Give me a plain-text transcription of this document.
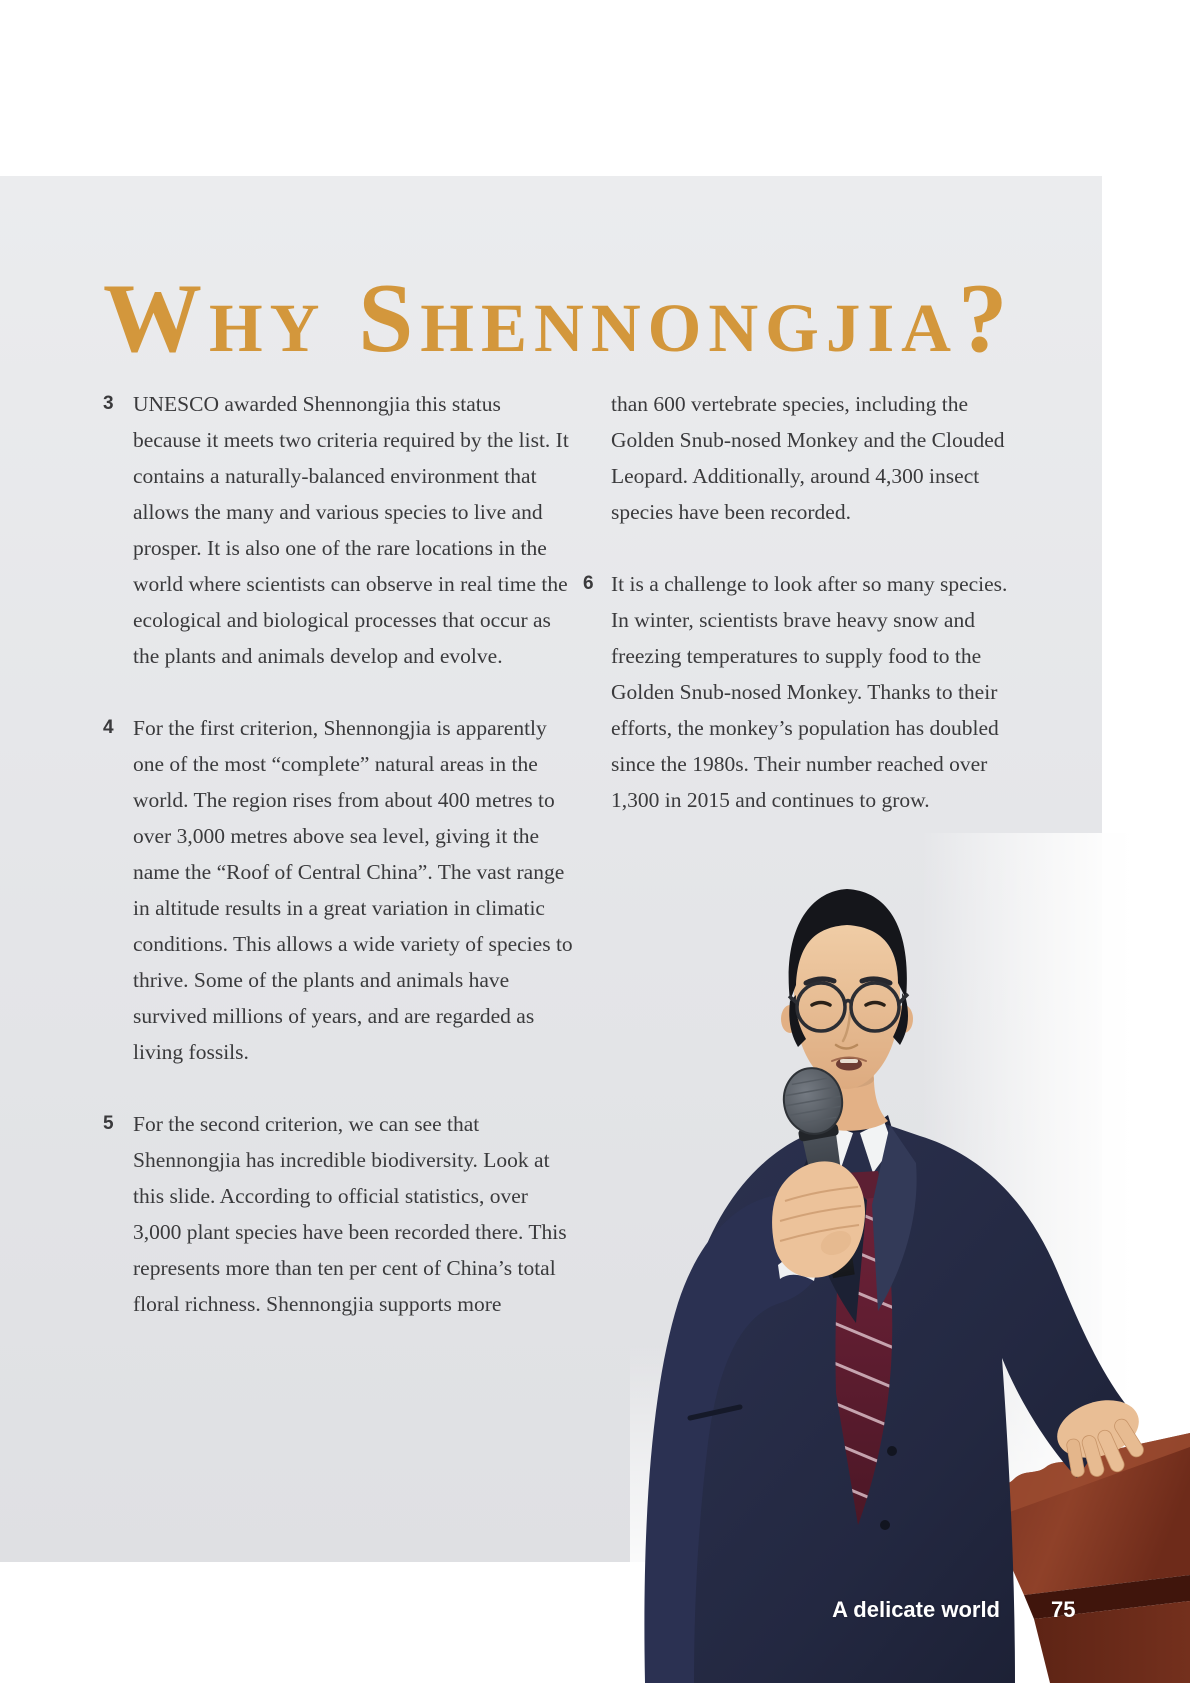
Why Shennongjia?
3 UNESCO awarded Shennongjia this status because it meets two criteria required by the list. It contains a naturally-balanced environment that allows the many and various species to live and prosper. It is also one of the rare locations in the world where scientists can observe in real time the ecological and biological processes that occur as the plants and animals develop and evolve.
4 For the first criterion, Shennongjia is apparently one of the most “complete” natural areas in the world. The region rises from about 400 metres to over 3,000 metres above sea level, giving it the name the “Roof of Central China”. The vast range in altitude results in a great variation in climatic conditions. This allows a wide variety of species to thrive. Some of the plants and animals have survived millions of years, and are regarded as living fossils.
5 For the second criterion, we can see that Shennongjia has incredible biodiversity. Look at this slide. According to official statistics, over 3,000 plant species have been recorded there. This represents more than ten per cent of China’s total floral richness. Shennongjia supports more
than 600 vertebrate species, including the Golden Snub-nosed Monkey and the Clouded Leopard. Additionally, around 4,300 insect species have been recorded.
6 It is a challenge to look after so many species. In winter, scientists brave heavy snow and freezing temperatures to supply food to the Golden Snub-nosed Monkey. Thanks to their efforts, the monkey’s population has doubled since the 1980s. Their number reached over 1,300 in 2015 and continues to grow.
A delicate world 75
